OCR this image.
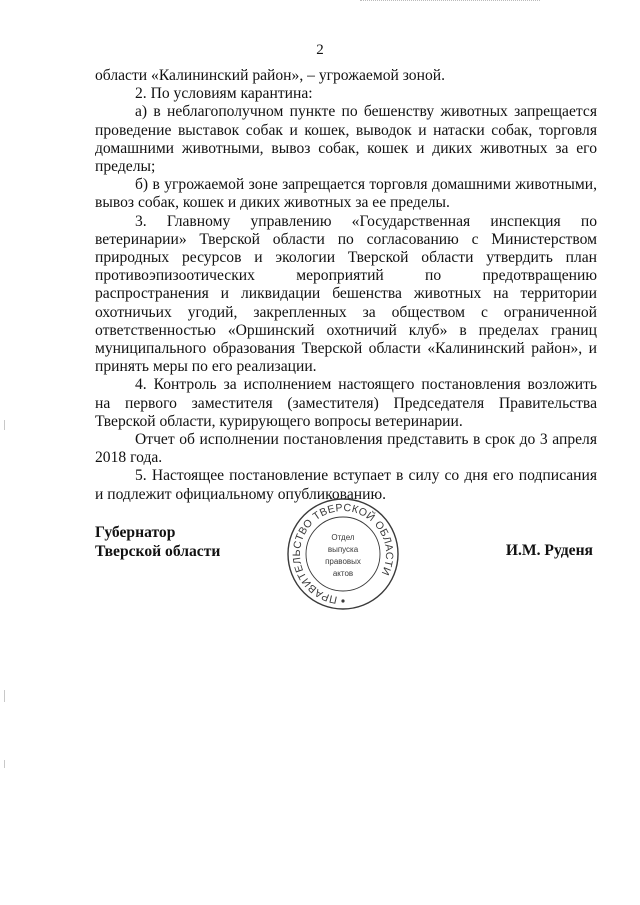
2

области «Калининский район», – угрожаемой зоной.

2. По условиям карантина:

а) в неблагополучном пункте по бешенству животных запрещается проведение выставок собак и кошек, выводок и натаски собак, торговля домашними животными, вывоз собак, кошек и диких животных за его пределы;

б) в угрожаемой зоне запрещается торговля домашними животными, вывоз собак, кошек и диких животных за ее пределы.

3. Главному управлению «Государственная инспекция по ветеринарии» Тверской области по согласованию с Министерством природных ресурсов и экологии Тверской области утвердить план противоэпизоотических мероприятий по предотвращению распространения и ликвидации бешенства животных на территории охотничьих угодий, закрепленных за обществом с ограниченной ответственностью «Оршинский охотничий клуб» в пределах границ муниципального образования Тверской области «Калининский район», и принять меры по его реализации.

4. Контроль за исполнением настоящего постановления возложить на первого заместителя (заместителя) Председателя Правительства Тверской области, курирующего вопросы ветеринарии.

Отчет об исполнении постановления представить в срок до 3 апреля 2018 года.

5. Настоящее постановление вступает в силу со дня его подписания и подлежит официальному опубликованию.

Губернатор
Тверской области
ПРАВИТЕЛЬСТВО ТВЕРСКОЙ ОБЛАСТИ
Отдел
выпуска
правовых
актов
И.М. Руденя
